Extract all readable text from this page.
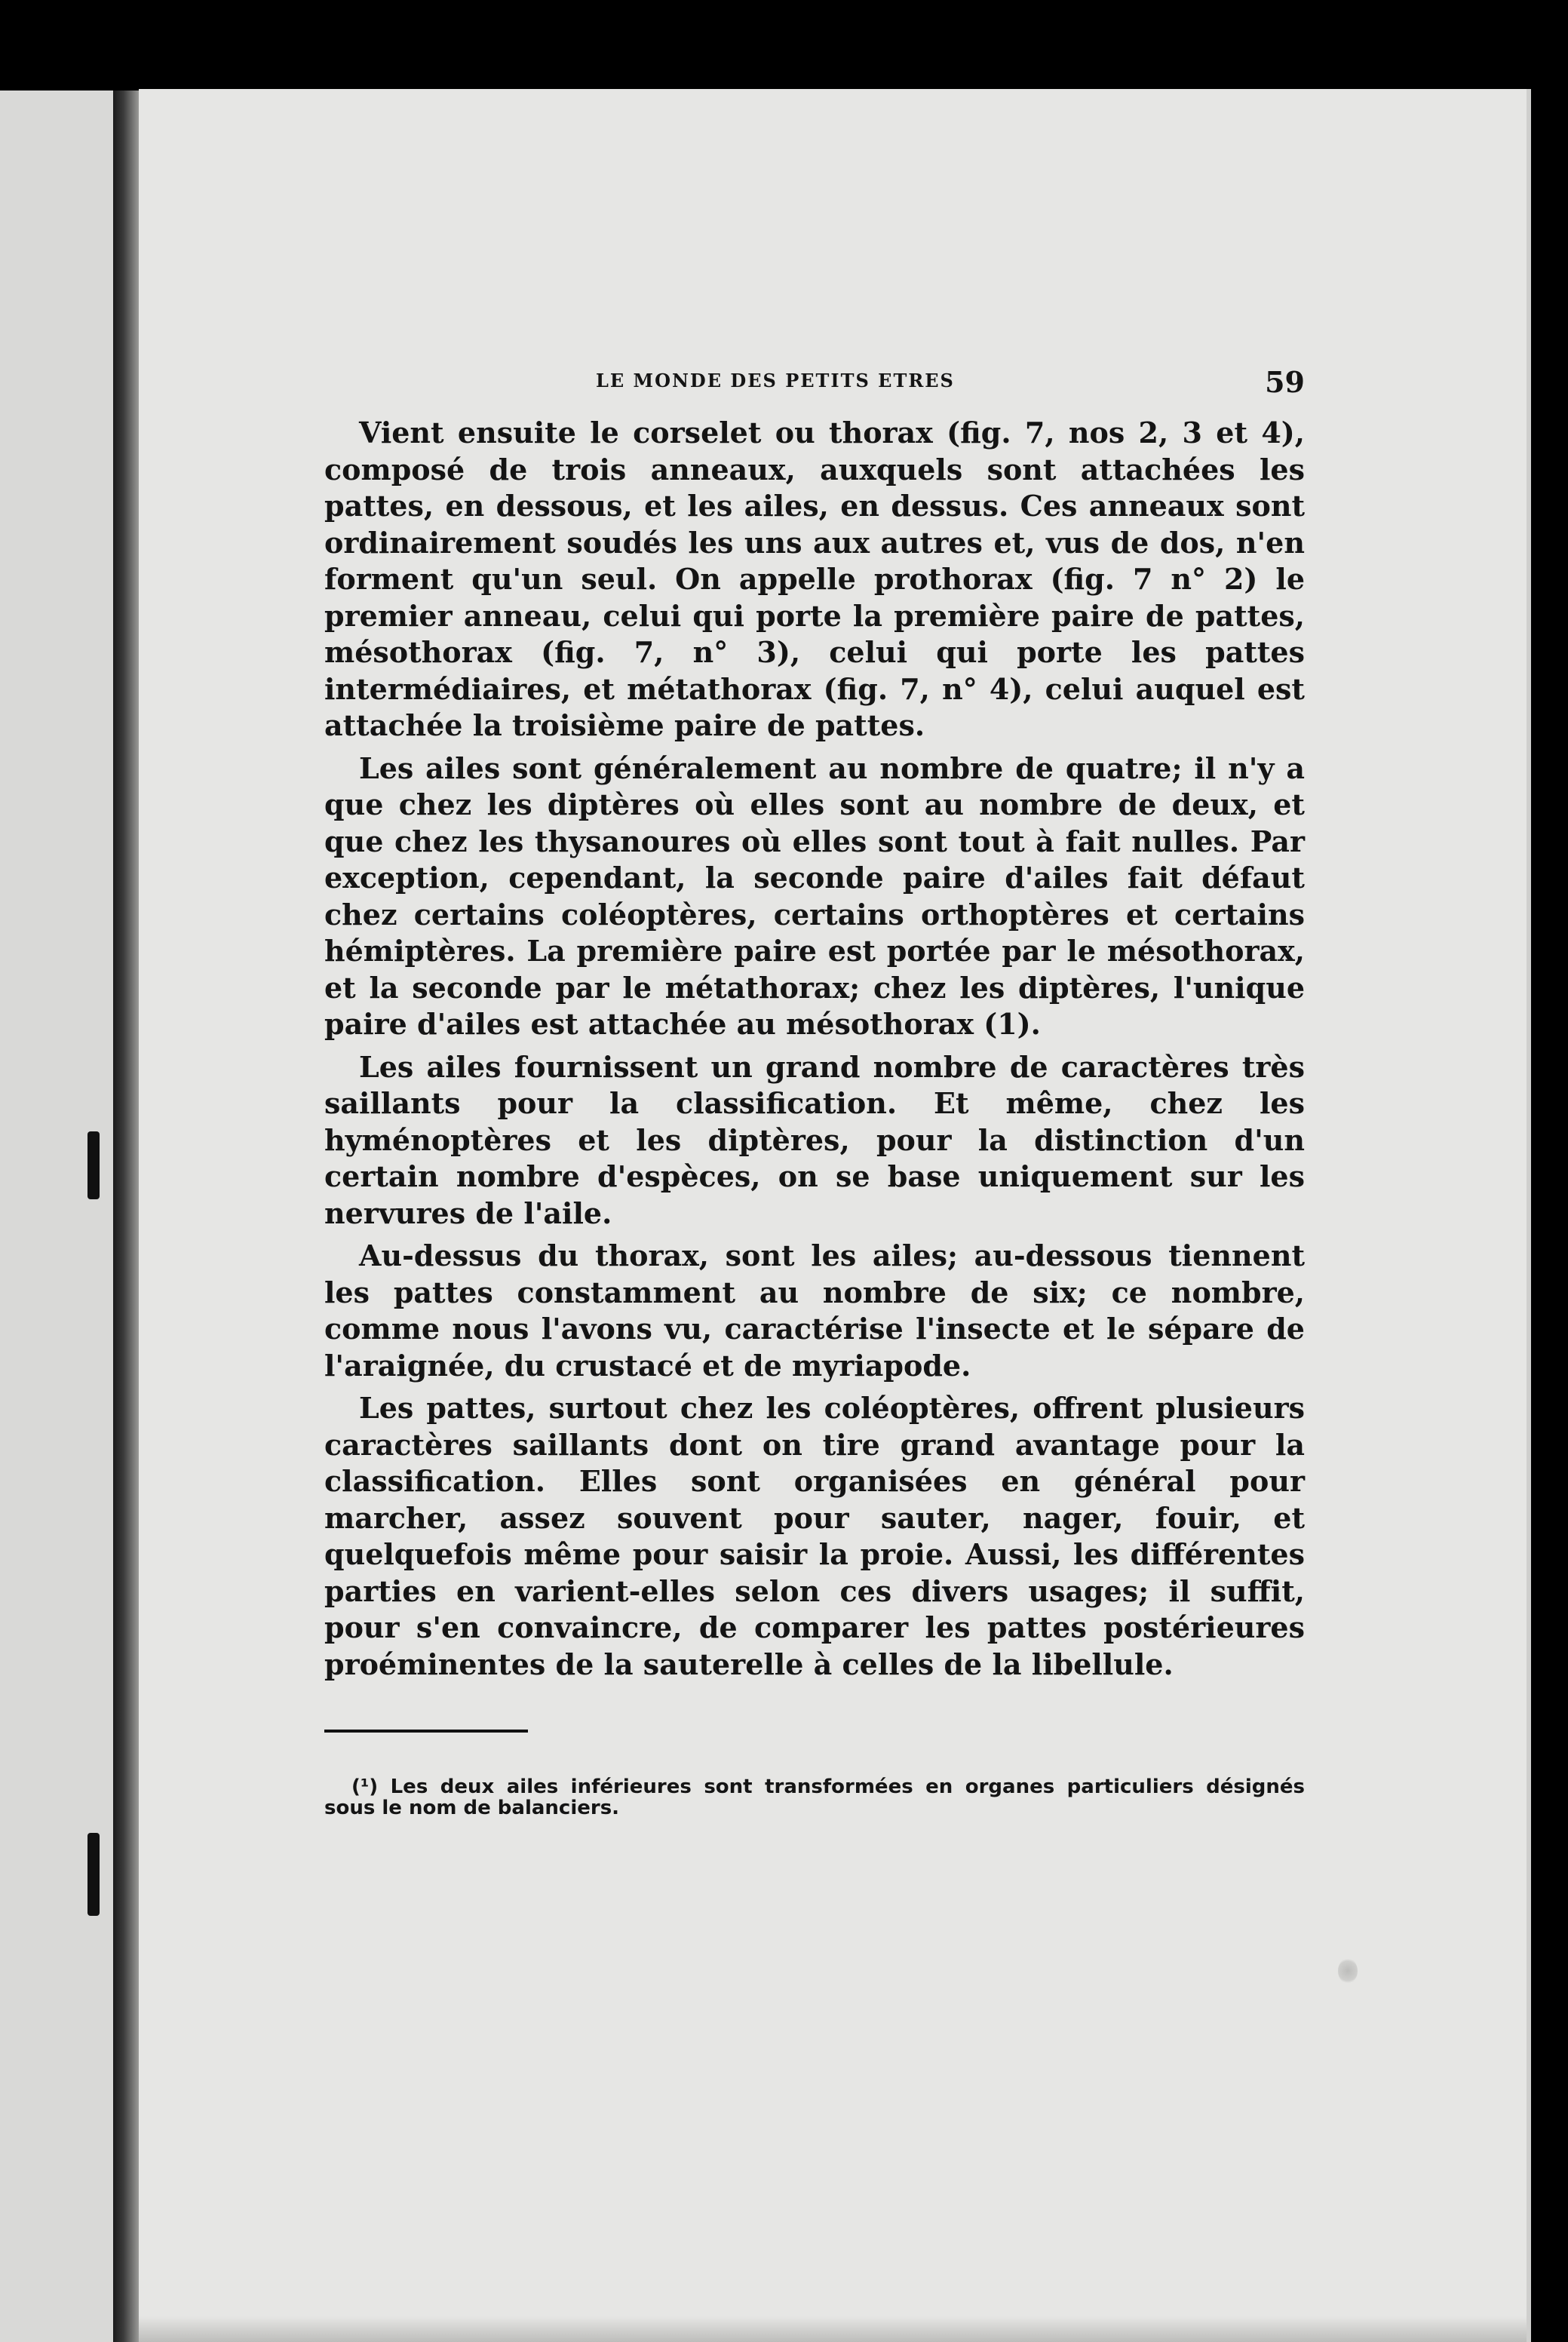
LE MONDE DES PETITS ETRES	59

Vient ensuite le corselet ou thorax (fig. 7, nos 2, 3 et 4), composé de trois anneaux, auxquels sont attachées les pattes, en dessous, et les ailes, en dessus. Ces anneaux sont ordinairement soudés les uns aux autres et, vus de dos, n'en forment qu'un seul. On appelle prothorax (fig. 7 n° 2) le premier anneau, celui qui porte la première paire de pattes, mésothorax (fig. 7, n° 3), celui qui porte les pattes intermédiaires, et métathorax (fig. 7, n° 4), celui auquel est attachée la troisième paire de pattes.

Les ailes sont généralement au nombre de quatre; il n'y a que chez les diptères où elles sont au nombre de deux, et que chez les thysanoures où elles sont tout à fait nulles. Par exception, cependant, la seconde paire d'ailes fait défaut chez certains coléoptères, certains orthoptères et certains hémiptères. La première paire est portée par le mésothorax, et la seconde par le métathorax; chez les diptères, l'unique paire d'ailes est attachée au mésothorax (1).

Les ailes fournissent un grand nombre de caractères très saillants pour la classification. Et même, chez les hyménoptères et les diptères, pour la distinction d'un certain nombre d'espèces, on se base uniquement sur les nervures de l'aile.

Au-dessus du thorax, sont les ailes; au-dessous tiennent les pattes constamment au nombre de six; ce nombre, comme nous l'avons vu, caractérise l'insecte et le sépare de l'araignée, du crustacé et de myriapode.

Les pattes, surtout chez les coléoptères, offrent plusieurs caractères saillants dont on tire grand avantage pour la classification. Elles sont organisées en général pour marcher, assez souvent pour sauter, nager, fouir, et quelquefois même pour saisir la proie. Aussi, les différentes parties en varient-elles selon ces divers usages; il suffit, pour s'en convaincre, de comparer les pattes postérieures proéminentes de la sauterelle à celles de la libellule.

(¹) Les deux ailes inférieures sont transformées en organes particuliers désignés sous le nom de balanciers.
